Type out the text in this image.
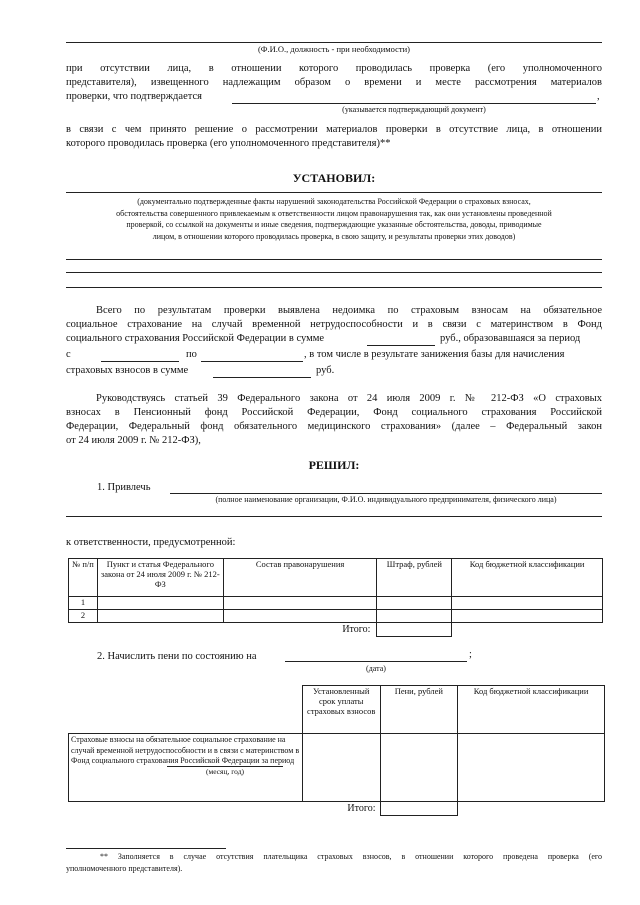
(Ф.И.О., должность - при необходимости)
при отсутствии лица, в отношении которого проводилась проверка (его уполномоченного
представителя), извещенного надлежащим образом о времени и месте рассмотрения материалов
проверки, что подтверждается	,
(указывается подтверждающий документ)
в связи с чем принято решение о рассмотрении материалов проверки в отсутствие лица, в отношении
которого проводилась проверка (его уполномоченного представителя)**
УСТАНОВИЛ:
(документально подтвержденные факты нарушений законодательства Российской Федерации о страховых взносах,
обстоятельства совершенного привлекаемым к ответственности лицом правонарушения так, как они установлены проведенной
проверкой, со ссылкой на документы и иные сведения, подтверждающие указанные обстоятельства, доводы, приводимые
лицом, в отношении которого проводилась проверка, в свою защиту, и результаты проверки этих доводов)
Всего по результатам проверки выявлена недоимка по страховым взносам на обязательное
социальное страхование на случай временной нетрудоспособности и в связи с материнством в Фонд
социального страхования Российской Федерации в сумме	руб., образовавшаяся за период
с	по	, в том числе в результате занижения базы для начисления
страховых взносов в сумме	руб.
Руководствуясь статьей 39 Федерального закона от 24 июля 2009 г. № 212-ФЗ «О страховых
взносах в Пенсионный фонд Российской Федерации, Фонд социального страхования Российской
Федерации, Федеральный фонд обязательного медицинского страхования» (далее – Федеральный закон
от 24 июля 2009 г. № 212-ФЗ),
РЕШИЛ:
1. Привлечь
(полное наименование организации, Ф.И.О. индивидуального предпринимателя, физического лица)
к ответственности, предусмотренной:
№ п/п	Пункт и статья Федерального закона от 24 июля 2009 г. № 212-ФЗ	Состав правонарушения	Штраф, рублей	Код бюджетной классификации
1				
2				
Итого:				
2. Начислить пени по состоянию на	;
(дата)
	Установленный срок уплаты страховых взносов	Пени, рублей	Код бюджетной классификации

Страховые взносы на обязательное социальное страхование на случай временной нетрудоспособности и в связи с материнством в Фонд социального страхования Российской Федерации за период
(месяц, год)			

Итого:			
** Заполняется в случае отсутствия плательщика страховых взносов, в отношении которого проведена проверка (его
уполномоченного представителя).
